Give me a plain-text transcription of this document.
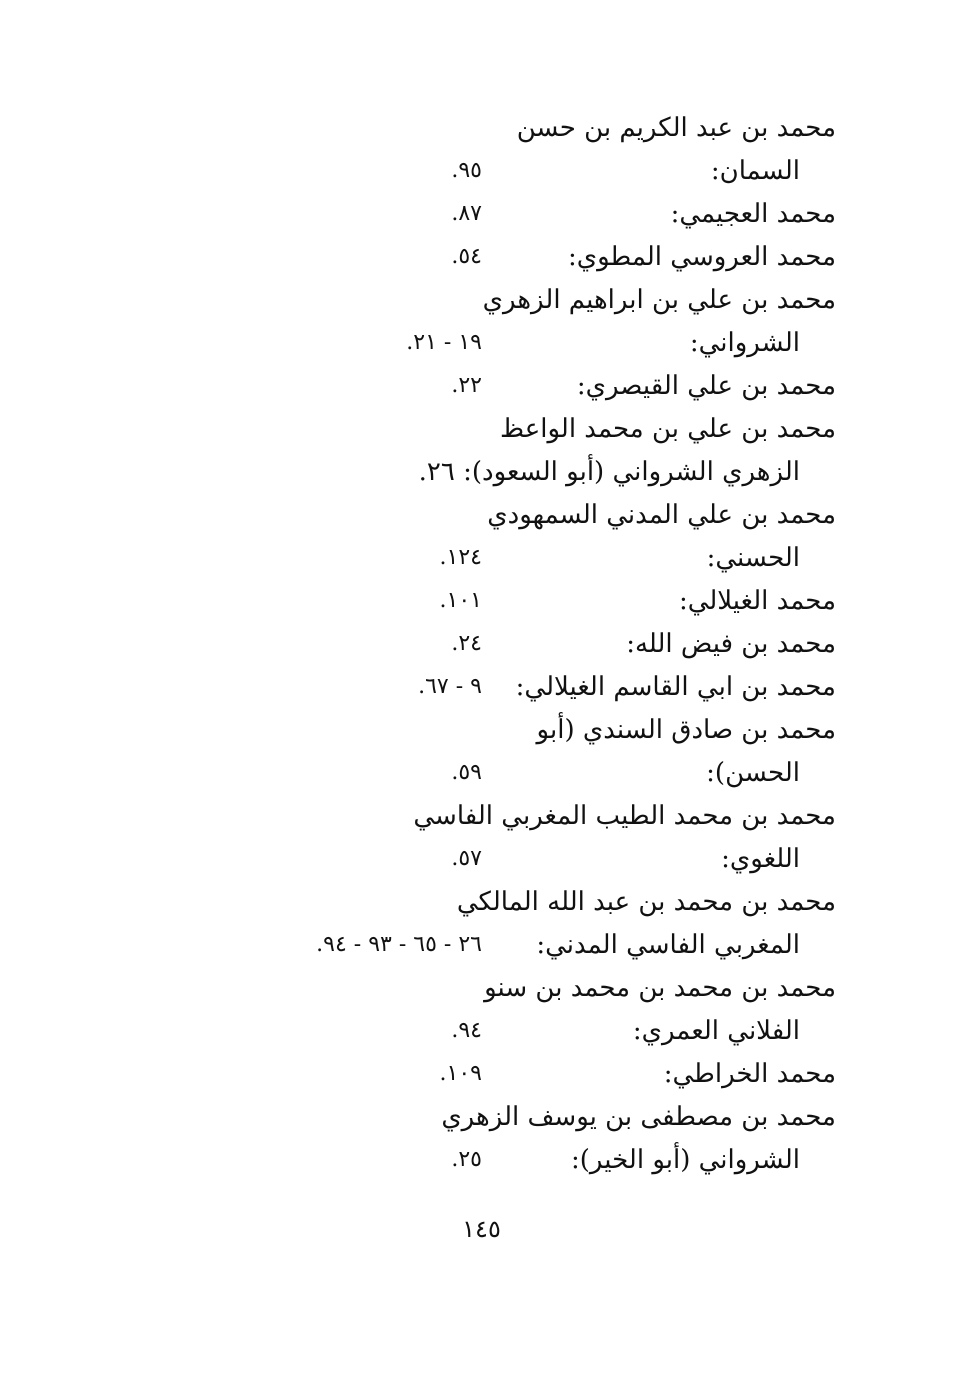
محمد بن عبد الكريم بن حسن
السمان:
٩٥.
محمد العجيمي:
٨٧.
محمد العروسي المطوي:
٥٤.
محمد بن علي بن ابراهيم الزهري
الشرواني:
١٩ - ٢١.
محمد بن علي القيصري:
٢٢.
محمد بن علي بن محمد الواعظ
الزهري الشرواني (أبو السعود): ٢٦.
محمد بن علي المدني السمهودي
الحسني:
١٢٤.
محمد الغيلالي:
١٠١.
محمد بن فيض الله:
٢٤.
محمد بن ابي القاسم الغيلالي:
٩ - ٦٧.
محمد بن صادق السندي (أبو
الحسن):
٥٩.
محمد بن محمد الطيب المغربي الفاسي
اللغوي:
٥٧.
محمد بن محمد بن عبد الله المالكي
المغربي الفاسي المدني:
٢٦ - ٦٥ - ٩٣ - ٩٤.
محمد بن محمد بن محمد بن سنو
الفلاني العمري:
٩٤.
محمد الخراطي:
١٠٩.
محمد بن مصطفى بن يوسف الزهري
الشرواني (أبو الخير):
٢٥.
١٤٥
